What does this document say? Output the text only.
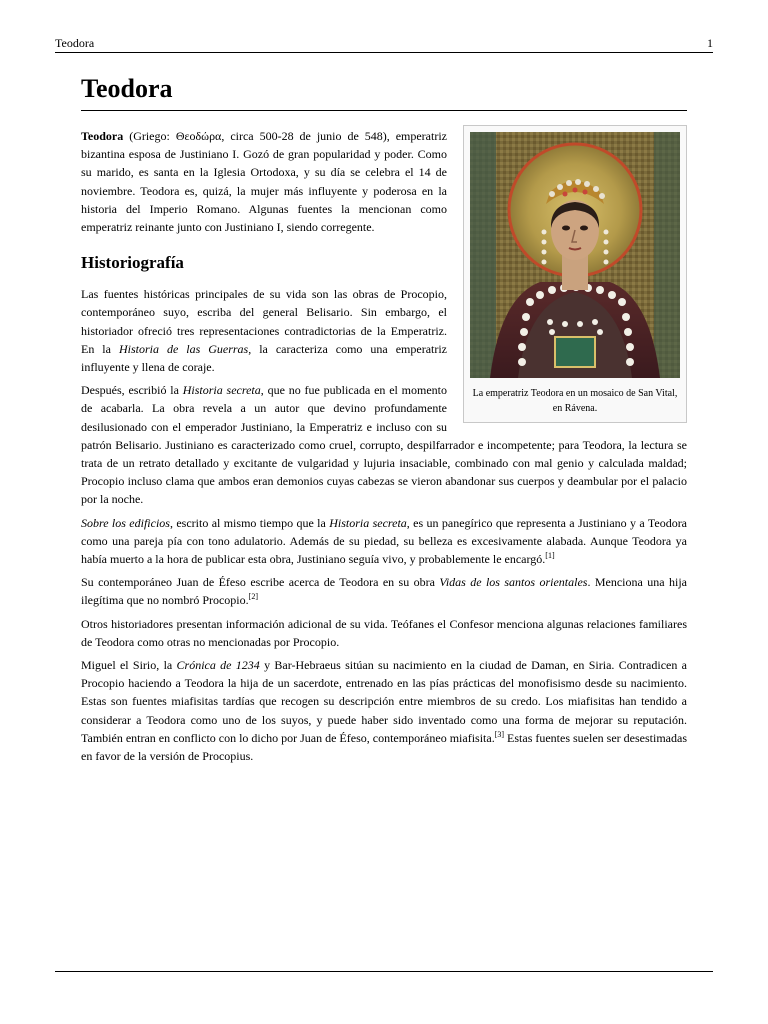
Teodora	1
Teodora
La emperatriz Teodora en un mosaico de San Vital, en Rávena.

Teodora (Griego: Θεοδώρα, circa 500-28 de junio de 548), emperatriz bizantina esposa de Justiniano I. Gozó de gran popularidad y poder. Como su marido, es santa en la Iglesia Ortodoxa, y su día se celebra el 14 de noviembre. Teodora es, quizá, la mujer más influyente y poderosa en la historia del Imperio Romano. Algunas fuentes la mencionan como emperatriz reinante junto con Justiniano I, siendo corregente.

Historiografía

Las fuentes históricas principales de su vida son las obras de Procopio, contemporáneo suyo, escriba del general Belisario. Sin embargo, el historiador ofreció tres representaciones contradictorias de la Emperatriz. En la Historia de las Guerras, la caracteriza como una emperatriz influyente y llena de coraje.

Después, escribió la Historia secreta, que no fue publicada en el momento de acabarla. La obra revela a un autor que devino profundamente desilusionado con el emperador Justiniano, la Emperatriz e incluso con su patrón Belisario. Justiniano es caracterizado como cruel, corrupto, despilfarrador e incompetente; para Teodora, la lectura se trata de un retrato detallado y excitante de vulgaridad y lujuria insaciable, combinado con mal genio y calculada maldad; Procopio incluso clama que ambos eran demonios cuyas cabezas se vieron abandonar sus cuerpos y deambular por el palacio por la noche.

Sobre los edificios, escrito al mismo tiempo que la Historia secreta, es un panegírico que representa a Justiniano y a Teodora como una pareja pía con tono adulatorio. Además de su piedad, su belleza es excesivamente alabada. Aunque Teodora ya había muerto a la hora de publicar esta obra, Justiniano seguía vivo, y probablemente le encargó.[1]

Su contemporáneo Juan de Éfeso escribe acerca de Teodora en su obra Vidas de los santos orientales. Menciona una hija ilegítima que no nombró Procopio.[2]

Otros historiadores presentan información adicional de su vida. Teófanes el Confesor menciona algunas relaciones familiares de Teodora como otras no mencionadas por Procopio.

Miguel el Sirio, la Crónica de 1234 y Bar-Hebraeus sitúan su nacimiento en la ciudad de Daman, en Siria. Contradicen a Procopio haciendo a Teodora la hija de un sacerdote, entrenado en las pías prácticas del monofisismo desde su nacimiento. Estas son fuentes miafisitas tardías que recogen su descripción entre miembros de su credo. Los miafisitas han tendido a considerar a Teodora como uno de los suyos, y puede haber sido inventado como una forma de mejorar su reputación. También entran en conflicto con lo dicho por Juan de Éfeso, contemporáneo miafisita.[3] Estas fuentes suelen ser desestimadas en favor de la versión de Procopius.
